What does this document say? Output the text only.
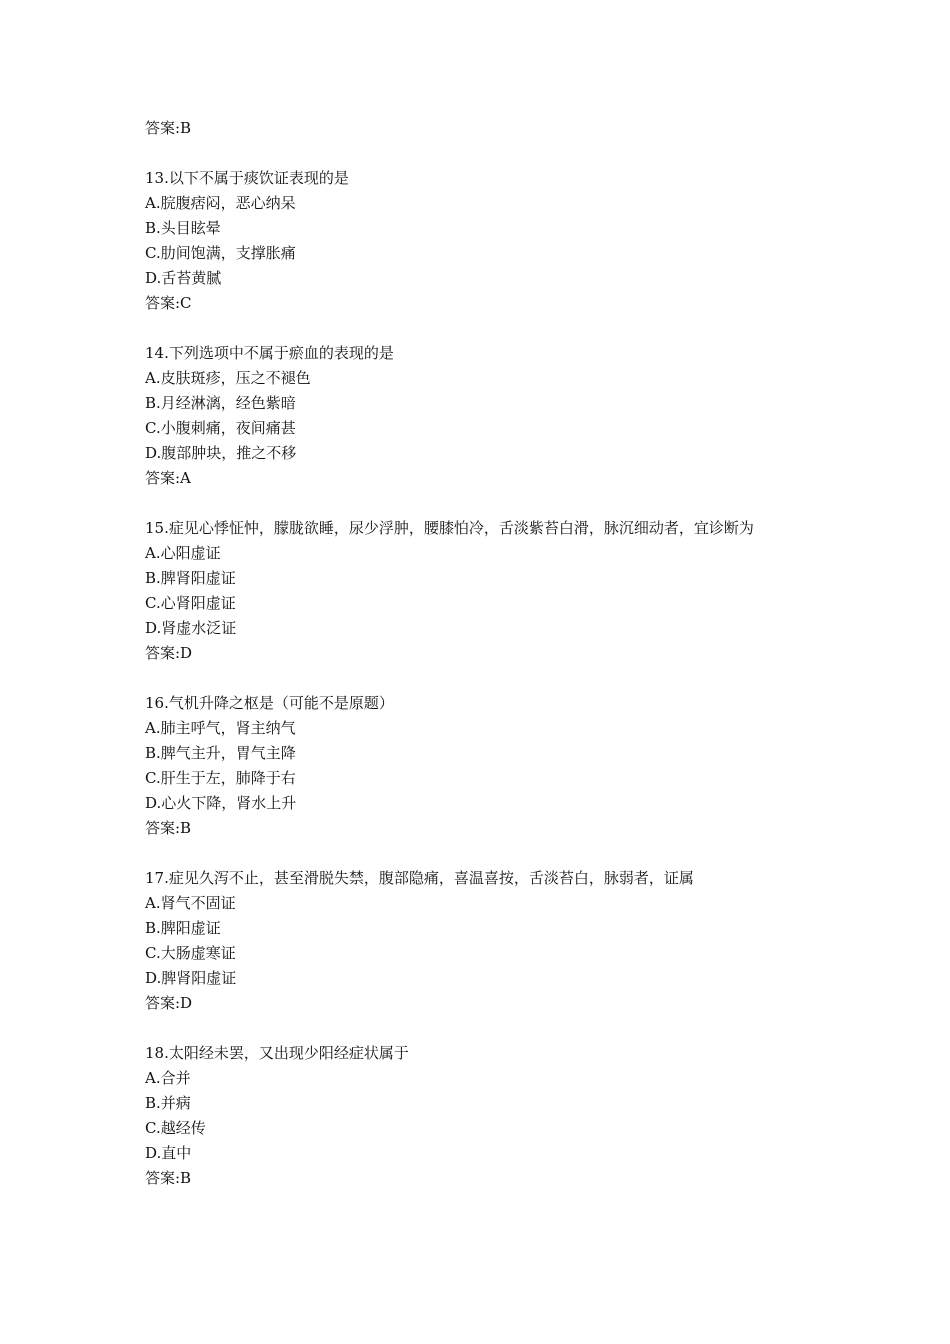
答案:B
13.以下不属于痰饮证表现的是
A.脘腹痞闷，恶心纳呆
B.头目眩晕
C.肋间饱满，支撑胀痛
D.舌苔黄腻
答案:C
14.下列选项中不属于瘀血的表现的是
A.皮肤斑疹，压之不褪色
B.月经淋漓，经色紫暗
C.小腹刺痛，夜间痛甚
D.腹部肿块，推之不移
答案:A
15.症见心悸怔忡，朦胧欲睡，尿少浮肿，腰膝怕冷，舌淡紫苔白滑，脉沉细动者，宜诊断为
A.心阳虚证
B.脾肾阳虚证
C.心肾阳虚证
D.肾虚水泛证
答案:D
16.气机升降之枢是（可能不是原题）
A.肺主呼气，肾主纳气
B.脾气主升，胃气主降
C.肝生于左，肺降于右
D.心火下降，肾水上升
答案:B
17.症见久泻不止，甚至滑脱失禁，腹部隐痛，喜温喜按，舌淡苔白，脉弱者，证属
A.肾气不固证
B.脾阳虚证
C.大肠虚寒证
D.脾肾阳虚证
答案:D
18.太阳经未罢，又出现少阳经症状属于
A.合并
B.并病
C.越经传
D.直中
答案:B
